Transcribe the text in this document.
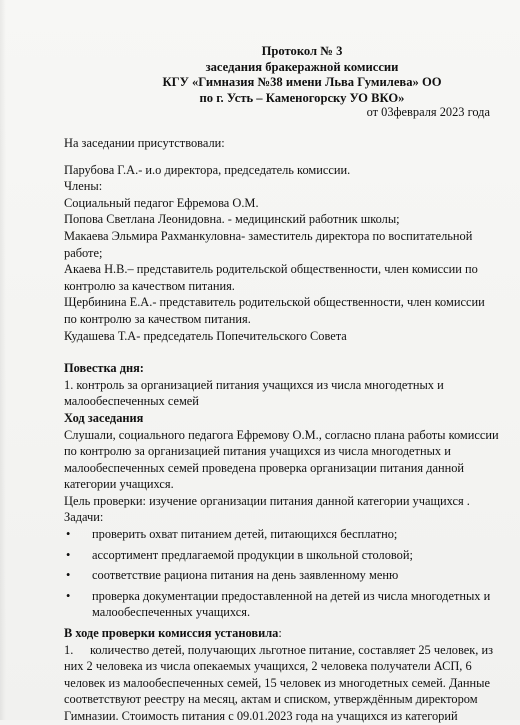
Протокол № 3
заседания бракеражной комиссии
КГУ «Гимназия №38 имени Льва Гумилева» ОО
по г. Усть – Каменогорску УО ВКО»
от 03февраля 2023 года
На заседании присутствовали:
Парубова Г.А.- и.о директора, председатель комиссии.
Члены:
Социальный педагог Ефремова О.М.
Попова Светлана Леонидовна. - медицинский работник школы;
Макаева Эльмира Рахманкуловна- заместитель директора по воспитательной работе;
Акаева Н.В.– представитель родительской общественности, член комиссии по контролю за качеством питания.
Щербинина Е.А.- представитель родительской общественности, член комиссии по контролю за качеством питания.
Кудашева Т.А- председатель Попечительского Совета
Повестка дня:
1. контроль за организацией питания учащихся из числа многодетных и малообеспеченных семей
Ход заседания
Слушали, социального педагога Ефремову О.М., согласно плана работы комиссии по контролю за организацией питания учащихся из числа многодетных и малообеспеченных семей проведена проверка организации питания данной категории учащихся.
Цель проверки: изучение организации питания данной категории учащихся .
Задачи:
• проверить охват питанием детей, питающихся бесплатно;
• ассортимент предлагаемой продукции в школьной столовой;
• соответствие рациона питания на день заявленному меню
• проверка документации предоставленной на детей из числа многодетных и малообеспеченных учащихся.
В ходе проверки комиссия установила:
1. количество детей, получающих льготное питание, составляет 25 человек, из них 2 человека из числа опекаемых учащихся, 2 человека получатели АСП, 6 человек из малообеспеченных семей, 15 человек из многодетных семей. Данные соответствуют реестру на месяц, актам и списком, утверждённым директором Гимназии. Стоимость питания с 09.01.2023 года на учащихся из категорий
